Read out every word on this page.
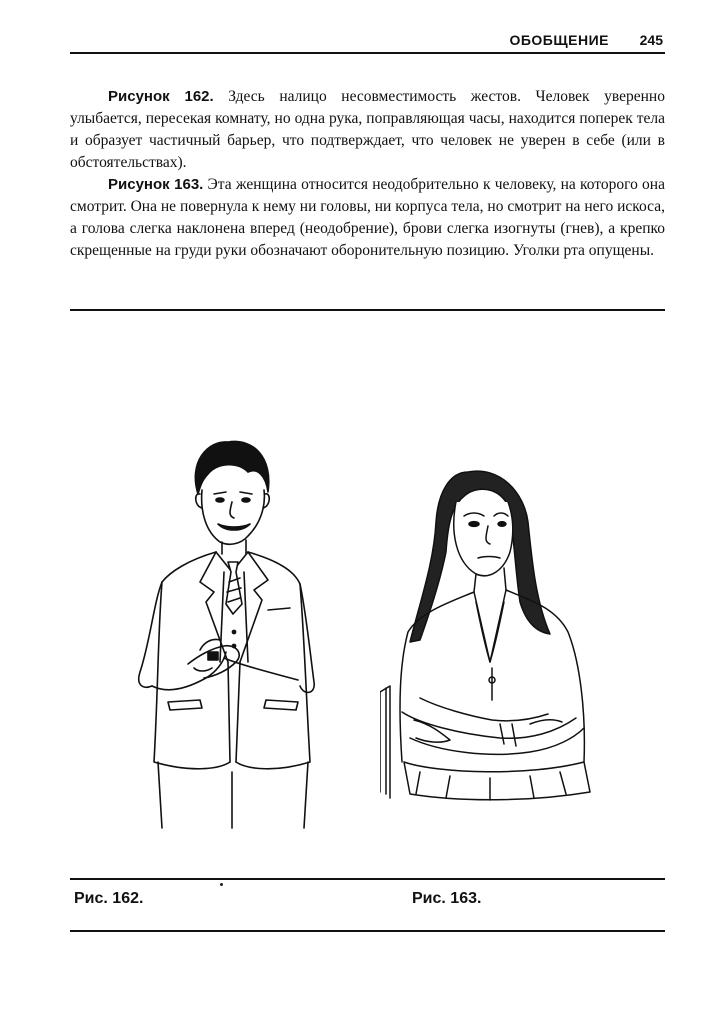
ОБОБЩЕНИЕ 245

Рисунок 162. Здесь налицо несовместимость жестов. Человек уверенно улыбается, пересекая комнату, но одна рука, поправляющая часы, находится поперек тела и образует частичный барьер, что подтверждает, что человек не уверен в себе (или в обстоятельствах).

Рисунок 163. Эта женщина относится неодобрительно к человеку, на которого она смотрит. Она не повернула к нему ни головы, ни корпуса тела, но смотрит на него искоса, а голова слегка наклонена вперед (неодобрение), брови слегка изогнуты (гнев), а крепко скрещенные на груди руки обозначают оборонительную позицию. Уголки рта опущены.

Рис. 162.	Рис. 163.
